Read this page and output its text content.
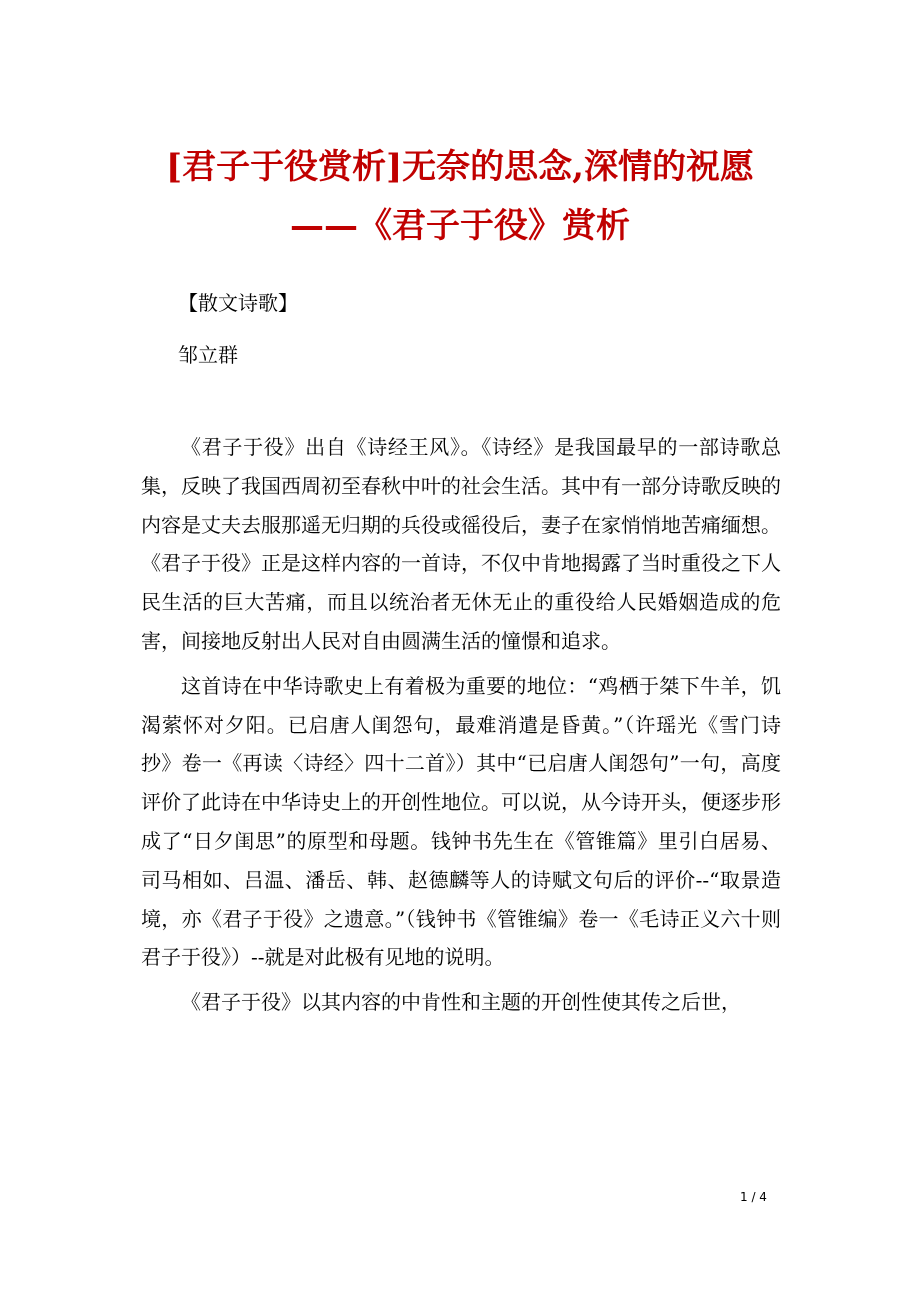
[君子于役赏析]无奈的思念,深情的祝愿
——《君子于役》赏析
【散文诗歌】
邹立群

《君子于役》出自《诗经王风》。《诗经》是我国最早的一部诗歌总集，反映了我国西周初至春秋中叶的社会生活。其中有一部分诗歌反映的内容是丈夫去服那遥无归期的兵役或徭役后，妻子在家悄悄地苦痛缅想。《君子于役》正是这样内容的一首诗，不仅中肯地揭露了当时重役之下人民生活的巨大苦痛，而且以统治者无休无止的重役给人民婚姻造成的危害，间接地反射出人民对自由圆满生活的憧憬和追求。

这首诗在中华诗歌史上有着极为重要的地位：“鸡栖于桀下牛羊，饥渴萦怀对夕阳。已启唐人闺怨句，最难消遣是昏黄。”（许瑶光《雪门诗抄》卷一《再读〈诗经〉四十二首》）其中“已启唐人闺怨句”一句，高度评价了此诗在中华诗史上的开创性地位。可以说，从今诗开头，便逐步形成了“日夕闺思”的原型和母题。钱钟书先生在《管锥篇》里引白居易、司马相如、吕温、潘岳、韩、赵德麟等人的诗赋文句后的评价--“取景造境，亦《君子于役》之遗意。”（钱钟书《管锥编》卷一《毛诗正义六十则君子于役》）--就是对此极有见地的说明。

《君子于役》以其内容的中肯性和主题的开创性使其传之后世，

1 / 4
